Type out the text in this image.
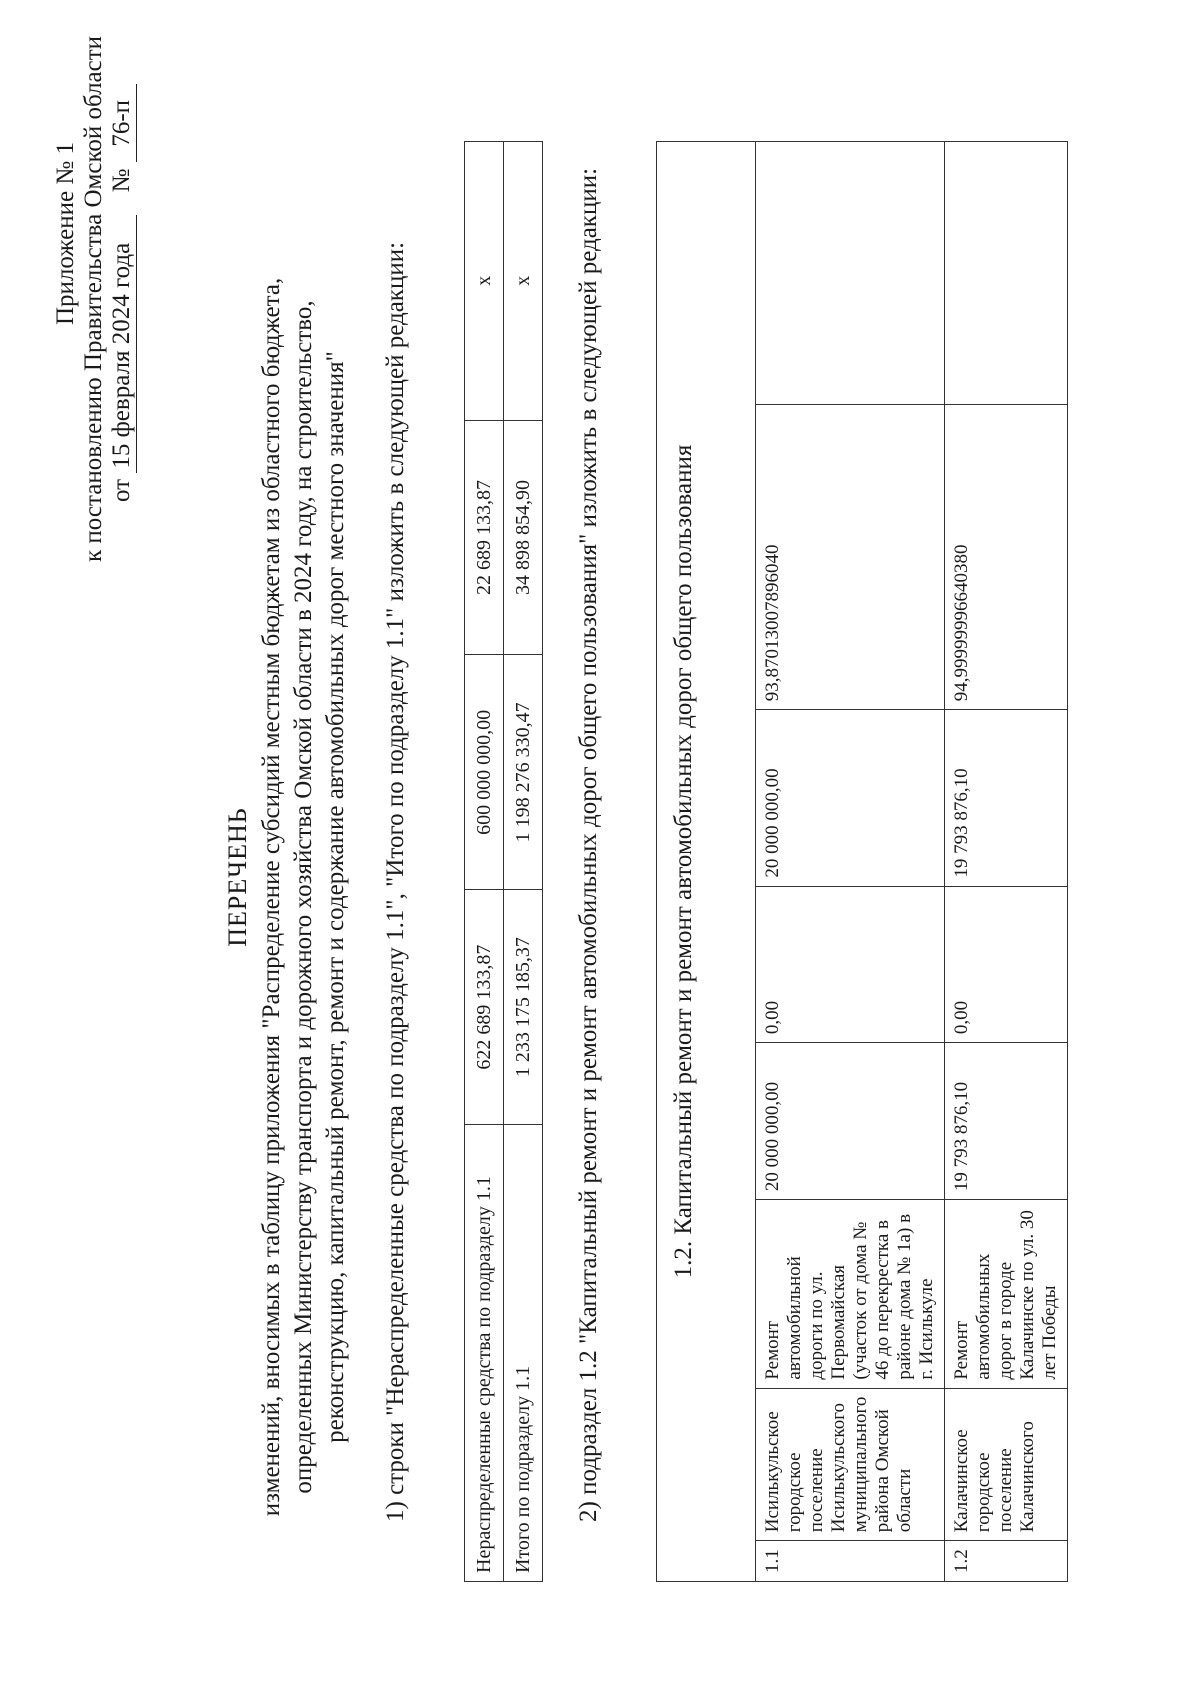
Приложение № 1 к постановлению Правительства Омской области от 15 февраля 2024 года № 76-п
ПЕРЕЧЕНЬ изменений, вносимых в таблицу приложения "Распределение субсидий местным бюджетам из областного бюджета, определенных Министерству транспорта и дорожного хозяйства Омской области в 2024 году, на строительство, реконструкцию, капитальный ремонт, ремонт и содержание автомобильных дорог местного значения" 1) строки "Нераспределенные средства по подразделу 1.1", "Итого по подразделу 1.1" изложить в следующей редакции:	Нераспределенные средства по подразделу 1.1	622 689 133,87	600 000 000,00	22 689 133,87	x
Итого по подразделу 1.1	1 233 175 185,37	1 198 276 330,47	34 898 854,90	x 2) подраздел 1.2 "Капитальный ремонт и ремонт автомобильных дорог общего пользования" изложить в следующей редакции:	1.2. Капитальный ремонт и ремонт автомобильных дорог общего пользования							
1.1	Исилькульское городское поселение Исилькульского муниципального района Омской области	Ремонт автомобильной дороги по ул. Первомайская (участок от дома № 46 до перекрестка в районе дома № 1а) в г. Исилькуле	20 000 000,00	0,00	20 000 000,00	93,8701300789604​0	
1.2	Калачинское городское поселение Калачинского	Ремонт автомобильных дорог в городе Калачинске по ул. 30 лет Победы	19 793 876,10	0,00	19 793 876,10	94,9999999664038​0	
